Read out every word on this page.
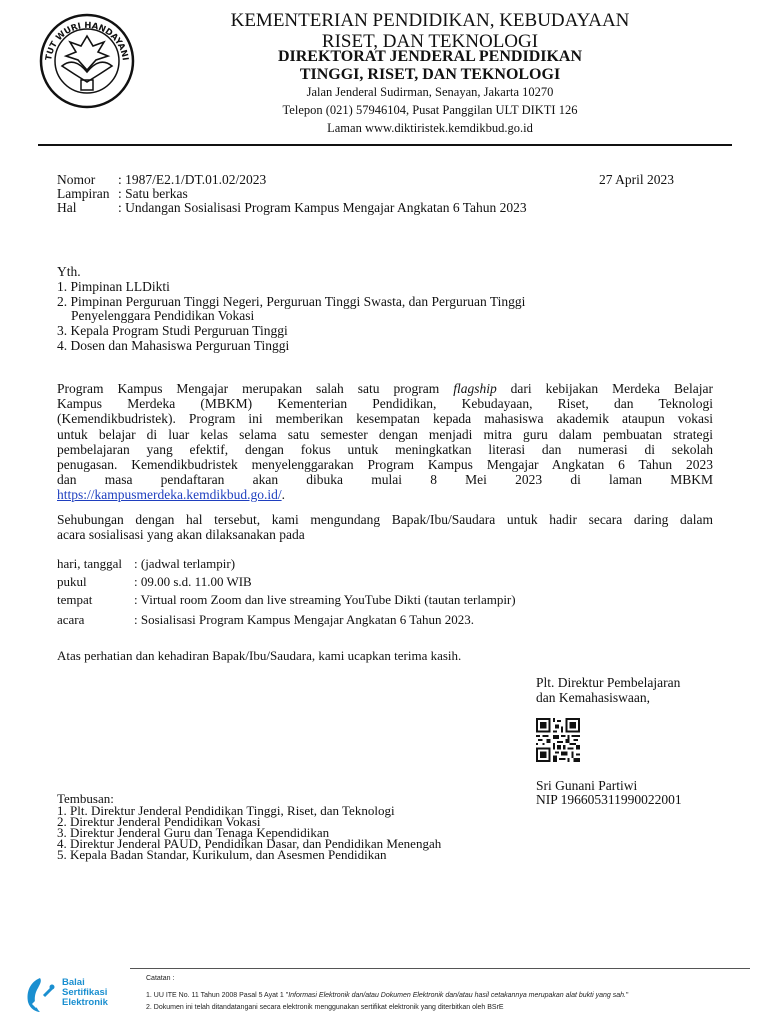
TUT WURI HANDAYANI
KEMENTERIAN PENDIDIKAN, KEBUDAYAAN
RISET, DAN TEKNOLOGI
DIREKTORAT JENDERAL PENDIDIKAN
TINGGI, RISET, DAN TEKNOLOGI
Jalan Jenderal Sudirman, Senayan, Jakarta 10270
Telepon (021) 57946104, Pusat Panggilan ULT DIKTI 126
Laman www.diktiristek.kemdikbud.go.id
Nomor	: 1987/E2.1/DT.01.02/2023	27 April 2023
Lampiran : Satu berkas
Hal	: Undangan Sosialisasi Program Kampus Mengajar Angkatan 6 Tahun 2023
Yth.
1. Pimpinan LLDikti
2. Pimpinan Perguruan Tinggi Negeri, Perguruan Tinggi Swasta, dan Perguruan Tinggi
Penyelenggara Pendidikan Vokasi
3. Kepala Program Studi Perguruan Tinggi
4. Dosen dan Mahasiswa Perguruan Tinggi

Program Kampus Mengajar merupakan salah satu program flagship dari kebijakan Merdeka Belajar

Kampus Merdeka (MBKM) Kementerian Pendidikan, Kebudayaan, Riset, dan Teknologi

(Kemendikbudristek). Program ini memberikan kesempatan kepada mahasiswa akademik ataupun vokasi

untuk belajar di luar kelas selama satu semester dengan menjadi mitra guru dalam pembuatan strategi

pembelajaran yang efektif, dengan fokus untuk meningkatkan literasi dan numerasi di sekolah

penugasan. Kemendikbudristek menyelenggarakan Program Kampus Mengajar Angkatan 6 Tahun 2023

dan masa pendaftaran akan dibuka mulai 8 Mei 2023 di laman MBKM

https://kampusmerdeka.kemdikbud.go.id/.

Sehubungan dengan hal tersebut, kami mengundang Bapak/Ibu/Saudara untuk hadir secara daring dalam

acara sosialisasi yang akan dilaksanakan pada

hari, tanggal : (jadwal terlampir)
pukul	: 09.00 s.d. 11.00 WIB
tempat	: Virtual room Zoom dan live streaming YouTube Dikti (tautan terlampir)
acara	: Sosialisasi Program Kampus Mengajar Angkatan 6 Tahun 2023.
Atas perhatian dan kehadiran Bapak/Ibu/Saudara, kami ucapkan terima kasih.
Plt. Direktur Pembelajaran
dan Kemahasiswaan,
Sri Gunani Partiwi
NIP 196605311990022001
Tembusan:
1. Plt. Direktur Jenderal Pendidikan Tinggi, Riset, dan Teknologi
2. Direktur Jenderal Pendidikan Vokasi
3. Direktur Jenderal Guru dan Tenaga Kependidikan
4. Direktur Jenderal PAUD, Pendidikan Dasar, dan Pendidikan Menengah
5. Kepala Badan Standar, Kurikulum, dan Asesmen Pendidikan
Balai
Sertifikasi
Elektronik
Catatan :
1. UU ITE No. 11 Tahun 2008 Pasal 5 Ayat 1 "Informasi Elektronik dan/atau Dokumen Elektronik dan/atau hasil cetakannya merupakan alat bukti yang sah."
2. Dokumen ini telah ditandatangani secara elektronik menggunakan sertifikat elektronik yang diterbitkan oleh BSrE
